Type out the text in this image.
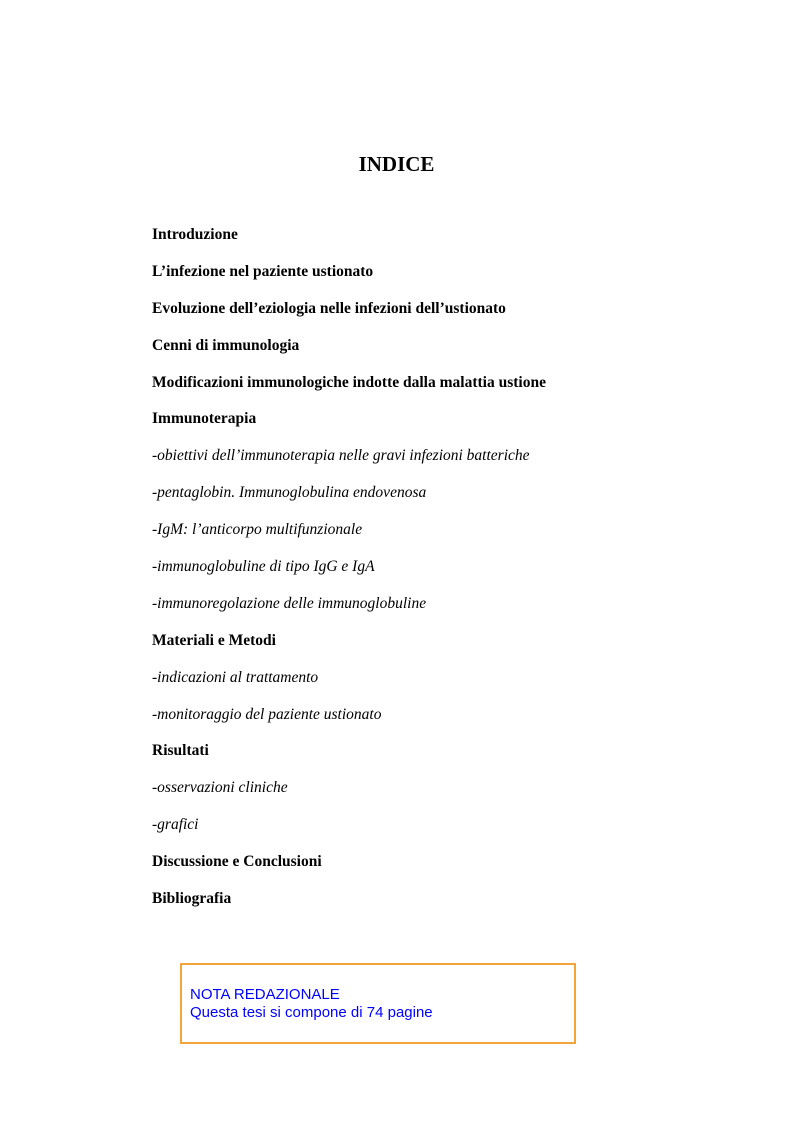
INDICE
Introduzione
L’infezione nel paziente ustionato
Evoluzione dell’eziologia nelle infezioni dell’ustionato
Cenni di immunologia
Modificazioni immunologiche indotte dalla malattia ustione
Immunoterapia
-obiettivi dell’immunoterapia nelle gravi infezioni batteriche
-pentaglobin. Immunoglobulina endovenosa
-IgM: l’anticorpo multifunzionale
-immunoglobuline di tipo IgG e IgA
-immunoregolazione delle immunoglobuline
Materiali e Metodi
-indicazioni al trattamento
-monitoraggio del paziente ustionato
Risultati
-osservazioni cliniche
-grafici
Discussione e Conclusioni
Bibliografia
NOTA REDAZIONALE
Questa tesi si compone di 74 pagine
